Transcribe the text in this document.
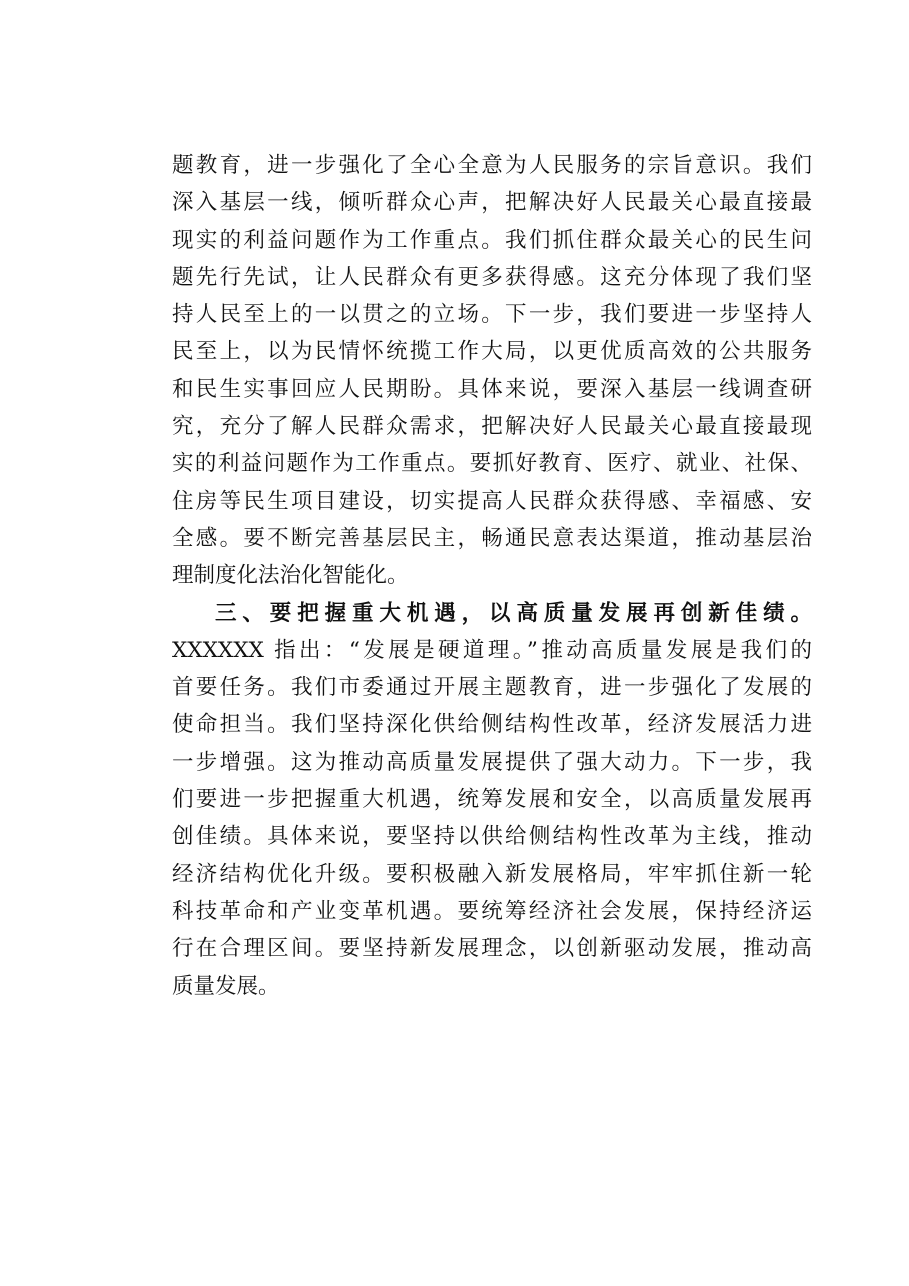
题教育，进一步强化了全心全意为人民服务的宗旨意识。我们
深入基层一线，倾听群众心声，把解决好人民最关心最直接最
现实的利益问题作为工作重点。我们抓住群众最关心的民生问
题先行先试，让人民群众有更多获得感。这充分体现了我们坚
持人民至上的一以贯之的立场。下一步，我们要进一步坚持人
民至上，以为民情怀统揽工作大局，以更优质高效的公共服务
和民生实事回应人民期盼。具体来说，要深入基层一线调查研
究，充分了解人民群众需求，把解决好人民最关心最直接最现
实的利益问题作为工作重点。要抓好教育、医疗、就业、社保、
住房等民生项目建设，切实提高人民群众获得感、幸福感、安
全感。要不断完善基层民主，畅通民意表达渠道，推动基层治
理制度化法治化智能化。
三、要把握重大机遇，以高质量发展再创新佳绩。
XXXXXX 指出：“发展是硬道理。”推动高质量发展是我们的
首要任务。我们市委通过开展主题教育，进一步强化了发展的
使命担当。我们坚持深化供给侧结构性改革，经济发展活力进
一步增强。这为推动高质量发展提供了强大动力。下一步，我
们要进一步把握重大机遇，统筹发展和安全，以高质量发展再
创佳绩。具体来说，要坚持以供给侧结构性改革为主线，推动
经济结构优化升级。要积极融入新发展格局，牢牢抓住新一轮
科技革命和产业变革机遇。要统筹经济社会发展，保持经济运
行在合理区间。要坚持新发展理念，以创新驱动发展，推动高
质量发展。
